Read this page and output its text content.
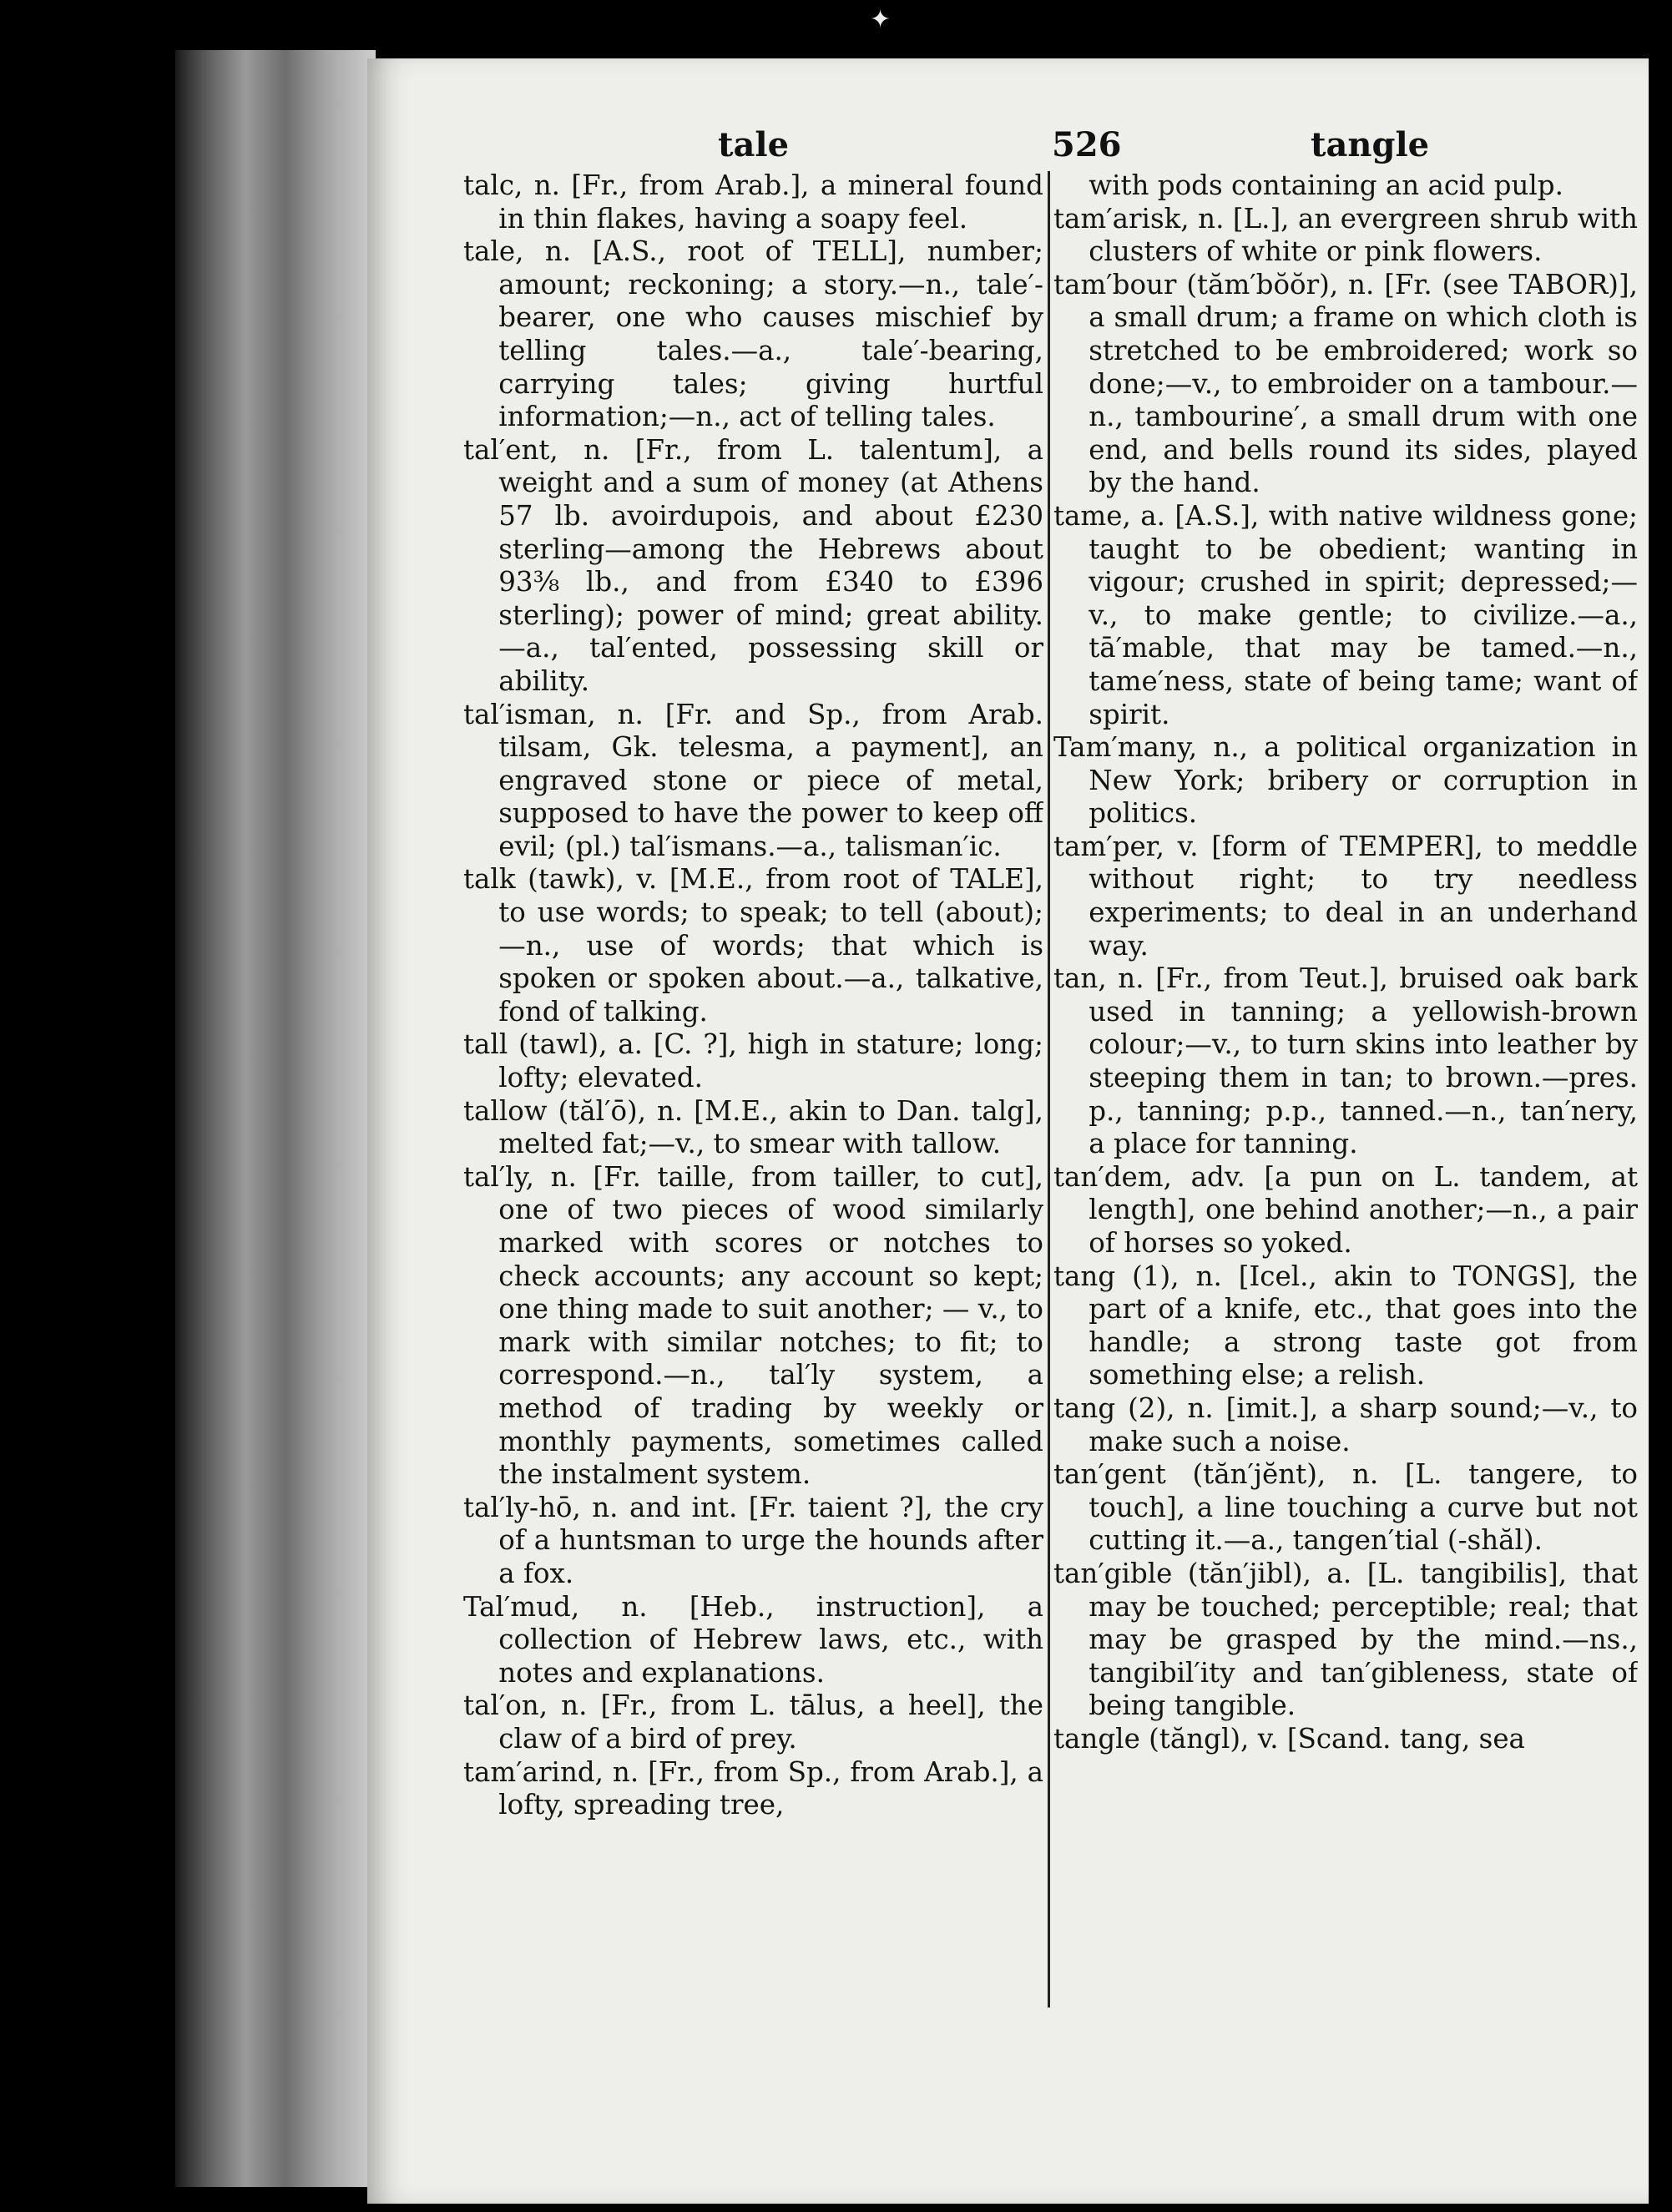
✦
tale	526	tangle

talc, n. [Fr., from Arab.], a mineral found in thin flakes, having a soapy feel.

tale, n. [A.S., root of TELL], number; amount; reckoning; a story.—n., tale′-bearer, one who causes mischief by telling tales.—a., tale′-bearing, carrying tales; giving hurtful information;—n., act of telling tales.

tal′ent, n. [Fr., from L. talentum], a weight and a sum of money (at Athens 57 lb. avoirdupois, and about £230 sterling—among the Hebrews about 93⅜ lb., and from £340 to £396 sterling); power of mind; great ability.—a., tal′ented, possessing skill or ability.

tal′isman, n. [Fr. and Sp., from Arab. tilsam, Gk. telesma, a payment], an engraved stone or piece of metal, supposed to have the power to keep off evil; (pl.) tal′ismans.—a., talisman′ic.

talk (tawk), v. [M.E., from root of TALE], to use words; to speak; to tell (about);—n., use of words; that which is spoken or spoken about.—a., talkative, fond of talking.

tall (tawl), a. [C. ?], high in stature; long; lofty; elevated.

tallow (tăl′ō), n. [M.E., akin to Dan. talg], melted fat;—v., to smear with tallow.

tal′ly, n. [Fr. taille, from tailler, to cut], one of two pieces of wood similarly marked with scores or notches to check accounts; any account so kept; one thing made to suit another; — v., to mark with similar notches; to fit; to correspond.—n., tal′ly system, a method of trading by weekly or monthly payments, sometimes called the instalment system.

tal′ly-hō, n. and int. [Fr. taient ?], the cry of a huntsman to urge the hounds after a fox.

Tal′mud, n. [Heb., instruction], a collection of Hebrew laws, etc., with notes and explanations.

tal′on, n. [Fr., from L. tālus, a heel], the claw of a bird of prey.

tam′arind, n. [Fr., from Sp., from Arab.], a lofty, spreading tree,

with pods containing an acid pulp.

tam′arisk, n. [L.], an evergreen shrub with clusters of white or pink flowers.

tam′bour (tăm′bŏŏr), n. [Fr. (see TABOR)], a small drum; a frame on which cloth is stretched to be embroidered; work so done;—v., to embroider on a tambour.—n., tambourine′, a small drum with one end, and bells round its sides, played by the hand.

tame, a. [A.S.], with native wildness gone; taught to be obedient; wanting in vigour; crushed in spirit; depressed;—v., to make gentle; to civilize.—a., tā′mable, that may be tamed.—n., tame′ness, state of being tame; want of spirit.

Tam′many, n., a political organization in New York; bribery or corruption in politics.

tam′per, v. [form of TEMPER], to meddle without right; to try needless experiments; to deal in an underhand way.

tan, n. [Fr., from Teut.], bruised oak bark used in tanning; a yellowish-brown colour;—v., to turn skins into leather by steeping them in tan; to brown.—pres. p., tanning; p.p., tanned.—n., tan′nery, a place for tanning.

tan′dem, adv. [a pun on L. tandem, at length], one behind another;—n., a pair of horses so yoked.

tang (1), n. [Icel., akin to TONGS], the part of a knife, etc., that goes into the handle; a strong taste got from something else; a relish.

tang (2), n. [imit.], a sharp sound;—v., to make such a noise.

tan′gent (tăn′jĕnt), n. [L. tangere, to touch], a line touching a curve but not cutting it.—a., tangen′tial (-shăl).

tan′gible (tăn′jibl), a. [L. tangibilis], that may be touched; perceptible; real; that may be grasped by the mind.—ns., tangibil′ity and tan′gibleness, state of being tangible.

tangle (tăngl), v. [Scand. tang, sea
